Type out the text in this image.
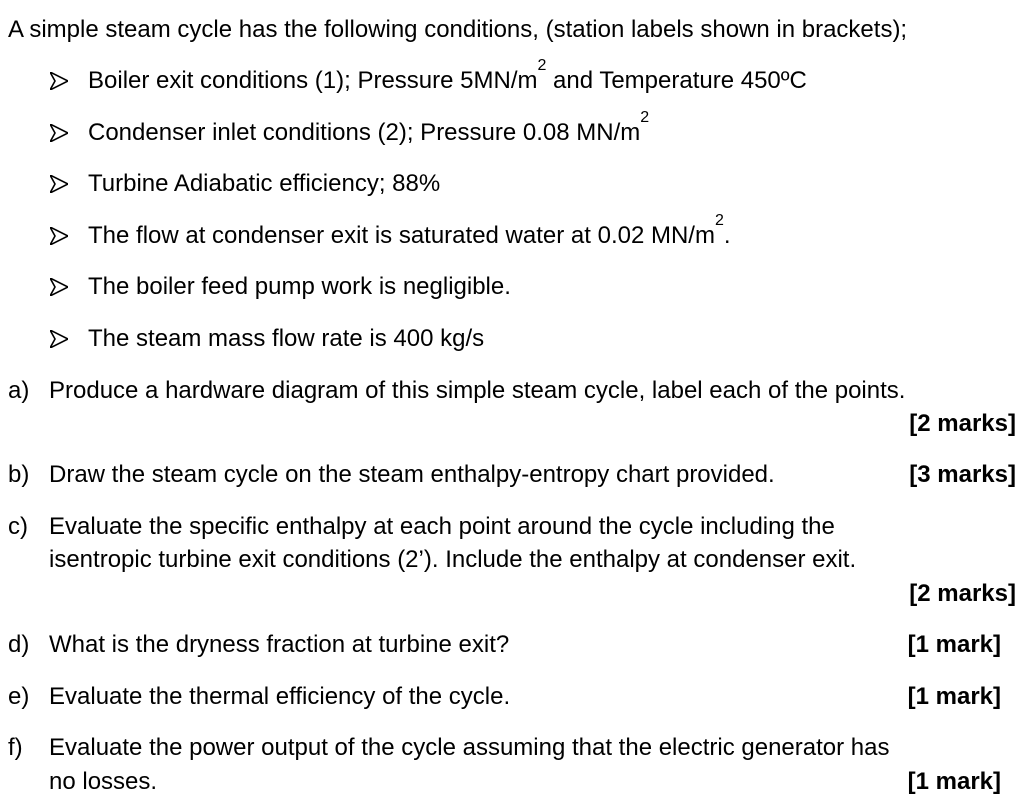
A simple steam cycle has the following conditions, (station labels shown in brackets);
Boiler exit conditions (1); Pressure $5MN/m^2$ and Temperature 450ºC
Condenser inlet conditions (2); Pressure 0.08 $MN/m^2$
Turbine Adiabatic efficiency; 88%
The flow at condenser exit is saturated water at 0.02 $MN/m^2$.
The boiler feed pump work is negligible.
The steam mass flow rate is 400 kg/s
a) Produce a hardware diagram of this simple steam cycle, label each of the points.
[2 marks]
b) Draw the steam cycle on the steam enthalpy-entropy chart provided.	[3 marks]
c) Evaluate the specific enthalpy at each point around the cycle including the
isentropic turbine exit conditions (2’). Include the enthalpy at condenser exit.
[2 marks]
d) What is the dryness fraction at turbine exit?	[1 mark]
e) Evaluate the thermal efficiency of the cycle.	[1 mark]
f) Evaluate the power output of the cycle assuming that the electric generator has
no losses.	[1 mark]
